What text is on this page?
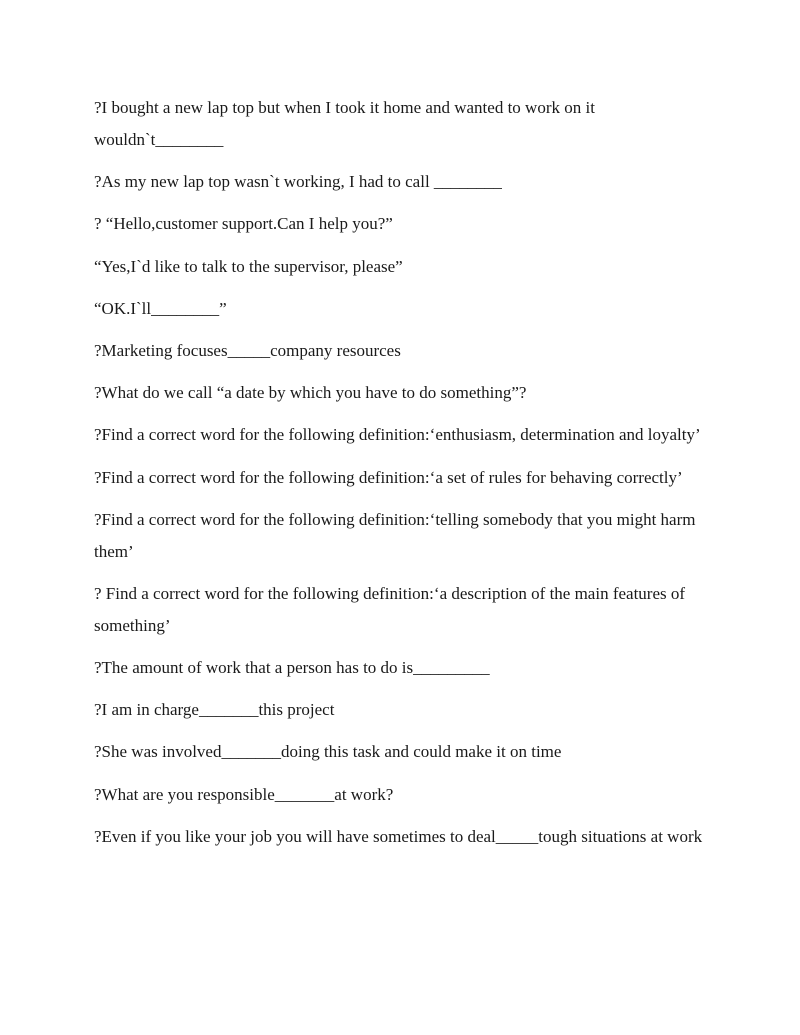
?I bought a new lap top but when I took it home and wanted to work on it wouldn`t________

?As my new lap top wasn`t working, I had to call ________

? “Hello,customer support.Can I help you?”

“Yes,I`d like to talk to the supervisor, please”

“OK.I`ll________”

?Marketing focuses_____company resources

?What do we call “a date by which you have to do something”?

?Find a correct word for the following definition:‘enthusiasm, determination and loyalty’

?Find a correct word for the following definition:‘a set of rules for behaving correctly’

?Find a correct word for the following definition:‘telling somebody that you might harm them’

? Find a correct word for the following definition:‘a description of the main features of something’

?The amount of work that a person has to do is_________

?I am in charge_______this project

?She was involved_______doing this task and could make it on time

?What are you responsible_______at work?

?Even if you like your job you will have sometimes to deal_____tough situations at work
